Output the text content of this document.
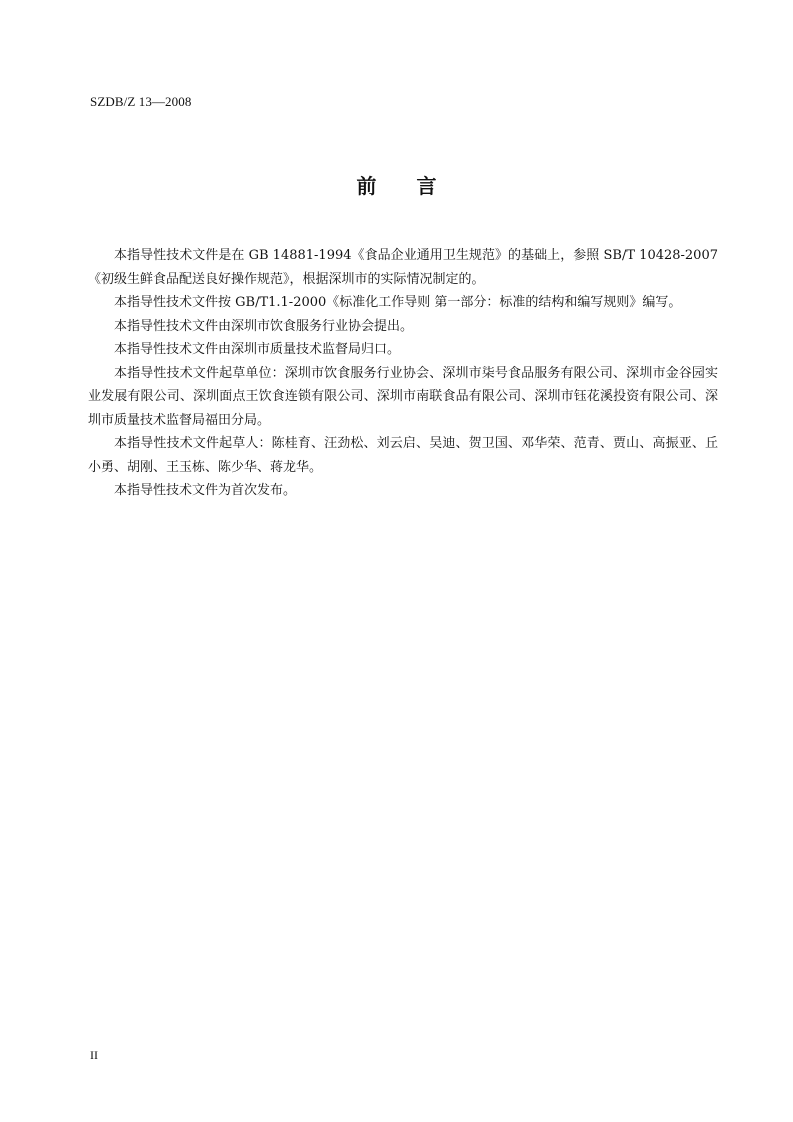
SZDB/Z 13—2008
前 言

本指导性技术文件是在 GB 14881-1994《食品企业通用卫生规范》的基础上，参照 SB/T 10428-2007《初级生鲜食品配送良好操作规范》，根据深圳市的实际情况制定的。

本指导性技术文件按 GB/T1.1-2000《标准化工作导则 第一部分：标准的结构和编写规则》编写。

本指导性技术文件由深圳市饮食服务行业协会提出。

本指导性技术文件由深圳市质量技术监督局归口。

本指导性技术文件起草单位：深圳市饮食服务行业协会、深圳市柒号食品服务有限公司、深圳市金谷园实业发展有限公司、深圳面点王饮食连锁有限公司、深圳市南联食品有限公司、深圳市钰花溪投资有限公司、深圳市质量技术监督局福田分局。

本指导性技术文件起草人：陈桂育、汪劲松、刘云启、吴迪、贺卫国、邓华荣、范青、贾山、高振亚、丘小勇、胡刚、王玉栋、陈少华、蒋龙华。

本指导性技术文件为首次发布。

II
